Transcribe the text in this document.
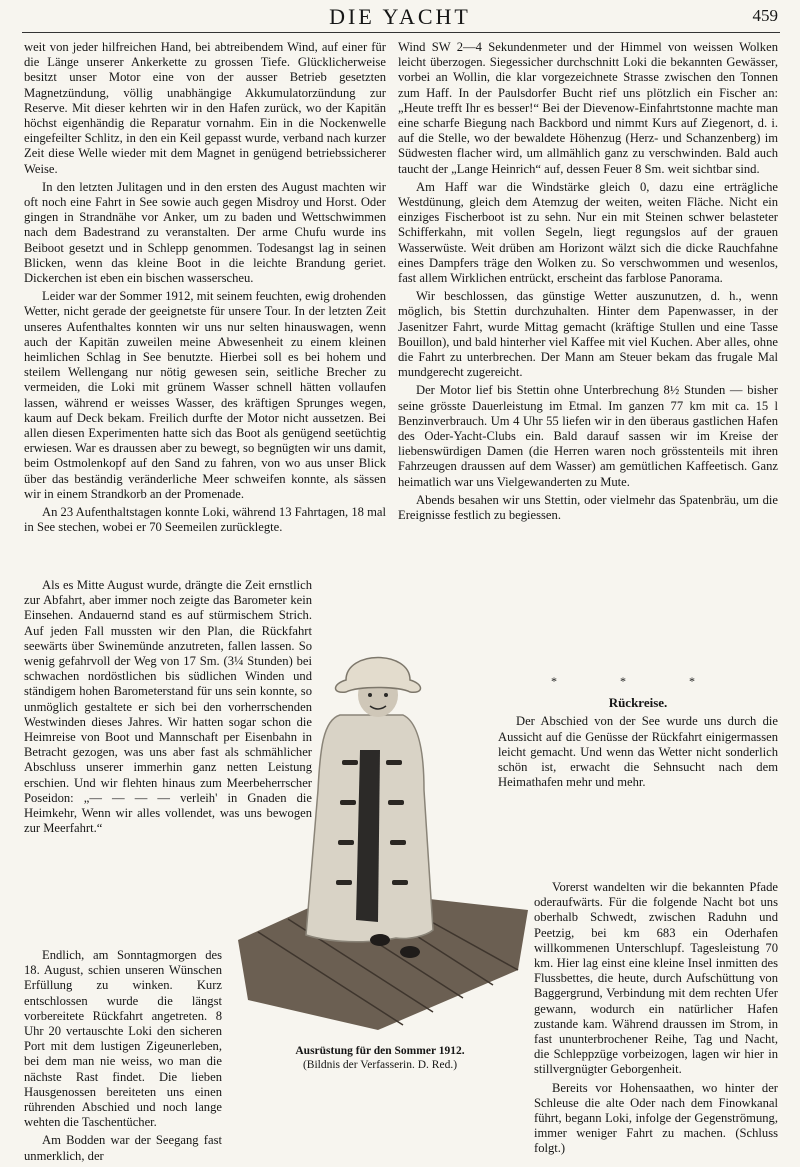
DIE YACHT	459

weit von jeder hilfreichen Hand, bei abtreibendem Wind, auf einer für die Länge unserer Ankerkette zu grossen Tiefe. Glücklicherweise besitzt unser Motor eine von der ausser Betrieb gesetzten Magnetzündung, völlig unabhängige Akkumulatorzündung zur Reserve. Mit dieser kehrten wir in den Hafen zurück, wo der Kapitän höchst eigenhändig die Reparatur vornahm. Ein in die Nockenwelle eingefeilter Schlitz, in den ein Keil gepasst wurde, verband nach kurzer Zeit diese Welle wieder mit dem Magnet in genügend betriebssicherer Weise.

In den letzten Julitagen und in den ersten des August machten wir oft noch eine Fahrt in See sowie auch gegen Misdroy und Horst. Oder gingen in Strandnähe vor Anker, um zu baden und Wettschwimmen nach dem Badestrand zu veranstalten. Der arme Chufu wurde ins Beiboot gesetzt und in Schlepp genommen. Todesangst lag in seinen Blicken, wenn das kleine Boot in die leichte Brandung geriet. Dickerchen ist eben ein bischen wasserscheu.

Leider war der Sommer 1912, mit seinem feuchten, ewig drohenden Wetter, nicht gerade der geeignetste für unsere Tour. In der letzten Zeit unseres Aufenthaltes konnten wir uns nur selten hinauswagen, wenn auch der Kapitän zuweilen meine Abwesenheit zu einem kleinen heimlichen Schlag in See benutzte. Hierbei soll es bei hohem und steilem Wellengang nur nötig gewesen sein, seitliche Brecher zu vermeiden, die Loki mit grünem Wasser schnell hätten vollaufen lassen, während er weisses Wasser, des kräftigen Sprunges wegen, kaum auf Deck bekam. Freilich durfte der Motor nicht aussetzen. Bei allen diesen Experimenten hatte sich das Boot als genügend seetüchtig erwiesen. War es draussen aber zu bewegt, so begnügten wir uns damit, beim Ostmolenkopf auf den Sand zu fahren, von wo aus unser Blick über das beständig veränderliche Meer schweifen konnte, als sässen wir in einem Strandkorb an der Promenade.

An 23 Aufenthaltstagen konnte Loki, während 13 Fahrtagen, 18 mal in See stechen, wobei er 70 Seemeilen zurücklegte.

Als es Mitte August wurde, drängte die Zeit ernstlich zur Abfahrt, aber immer noch zeigte das Barometer kein Einsehen. Andauernd stand es auf stürmischem Strich. Auf jeden Fall mussten wir den Plan, die Rückfahrt seewärts über Swinemünde anzutreten, fallen lassen. So wenig gefahrvoll der Weg von 17 Sm. (3¼ Stunden) bei schwachen nordöstlichen bis südlichen Winden und ständigem hohen Barometerstand für uns sein konnte, so unmöglich gestaltete er sich bei den vorherrschenden Westwinden dieses Jahres. Wir hatten sogar schon die Heimreise von Boot und Mannschaft per Eisenbahn in Betracht gezogen, was uns aber fast als schmählicher Abschluss unserer immerhin ganz netten Leistung erschien. Und wir flehten hinaus zum Meerbeherrscher Poseidon: „— — — — verleih' in Gnaden die Heimkehr, Wenn wir alles vollendet, was uns bewogen zur Meerfahrt.“

Endlich, am Sonntagmorgen des 18. August, schien unseren Wünschen Erfüllung zu winken. Kurz entschlossen wurde die längst vorbereitete Rückfahrt angetreten. 8 Uhr 20 vertauschte Loki den sicheren Port mit dem lustigen Zigeunerleben, bei dem man nie weiss, wo man die nächste Rast findet. Die lieben Hausgenossen bereiteten uns einen rührenden Abschied und noch lange wehten die Taschentücher.

Am Bodden war der Seegang fast unmerklich, der

Wind SW 2—4 Sekundenmeter und der Himmel von weissen Wolken leicht überzogen. Siegessicher durchschnitt Loki die bekannten Gewässer, vorbei an Wollin, die klar vorgezeichnete Strasse zwischen den Tonnen zum Haff. In der Paulsdorfer Bucht rief uns plötzlich ein Fischer an: „Heute trefft Ihr es besser!“ Bei der Dievenow-Einfahrtstonne machte man eine scharfe Biegung nach Backbord und nimmt Kurs auf Ziegenort, d. i. auf die Stelle, wo der bewaldete Höhenzug (Herz- und Schanzenberg) im Südwesten flacher wird, um allmählich ganz zu verschwinden. Bald auch taucht der „Lange Heinrich“ auf, dessen Feuer 8 Sm. weit sichtbar sind.

Am Haff war die Windstärke gleich 0, dazu eine erträgliche Westdünung, gleich dem Atemzug der weiten, weiten Fläche. Nicht ein einziges Fischerboot ist zu sehn. Nur ein mit Steinen schwer belasteter Schifferkahn, mit vollen Segeln, liegt regungslos auf der grauen Wasserwüste. Weit drüben am Horizont wälzt sich die dicke Rauchfahne eines Dampfers träge den Wolken zu. So verschwommen und wesenlos, fast allem Wirklichen entrückt, erscheint das farblose Panorama.

Wir beschlossen, das günstige Wetter auszunutzen, d. h., wenn möglich, bis Stettin durchzuhalten. Hinter dem Papenwasser, in der Jasenitzer Fahrt, wurde Mittag gemacht (kräftige Stullen und eine Tasse Bouillon), und bald hinterher viel Kaffee mit viel Kuchen. Aber alles, ohne die Fahrt zu unterbrechen. Der Mann am Steuer bekam das frugale Mal mundgerecht zugereicht.

Der Motor lief bis Stettin ohne Unterbrechung 8½ Stunden — bisher seine grösste Dauerleistung im Etmal. Im ganzen 77 km mit ca. 15 l Benzinverbrauch. Um 4 Uhr 55 liefen wir in den überaus gastlichen Hafen des Oder-Yacht-Clubs ein. Bald darauf sassen wir im Kreise der liebenswürdigen Damen (die Herren waren noch grösstenteils mit ihren Fahrzeugen draussen auf dem Wasser) am gemütlichen Kaffeetisch. Ganz heimatlich war uns Vielgewanderten zu Mute.

Abends besahen wir uns Stettin, oder vielmehr das Spatenbräu, um die Ereignisse festlich zu begiessen.

* * *
Rückreise.

Der Abschied von der See wurde uns durch die Aussicht auf die Genüsse der Rückfahrt einigermassen leicht gemacht. Und wenn das Wetter nicht sonderlich schön ist, erwacht die Sehnsucht nach dem Heimathafen mehr und mehr.

Vorerst wandelten wir die bekannten Pfade oderaufwärts. Für die folgende Nacht bot uns oberhalb Schwedt, zwischen Raduhn und Peetzig, bei km 683 ein Oderhafen willkommenen Unterschlupf. Tagesleistung 70 km. Hier lag einst eine kleine Insel inmitten des Flussbettes, die heute, durch Aufschüttung von Baggergrund, Verbindung mit dem rechten Ufer gewann, wodurch ein natürlicher Hafen zustande kam. Während draussen im Strom, in fast ununterbrochener Reihe, Tag und Nacht, die Schleppzüge vorbeizogen, lagen wir hier in stillvergnügter Geborgenheit.

Bereits vor Hohensaathen, wo hinter der Schleuse die alte Oder nach dem Finowkanal führt, begann Loki, infolge der Gegenströmung, immer weniger Fahrt zu machen. (Schluss folgt.)

Ausrüstung für den Sommer 1912.
(Bildnis der Verfasserin. D. Red.)
